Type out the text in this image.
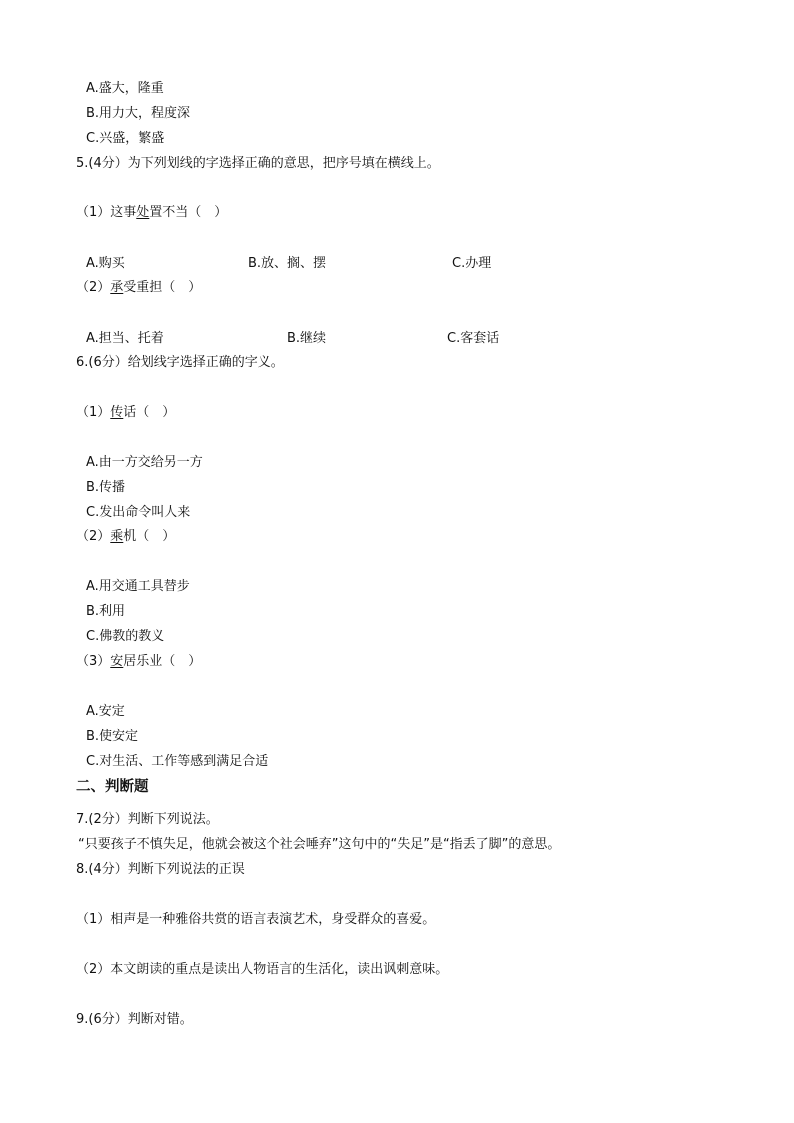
A.盛大，隆重
B.用力大，程度深
C.兴盛，繁盛
5.(4分）为下列划线的字选择正确的意思，把序号填在横线上。
（1）这事处置不当（　）
A.购买	B.放、搁、摆	C.办理
（2）承受重担（　）
A.担当、托着	B.继续	C.客套话
6.(6分）给划线字选择正确的字义。
（1）传话（　）
A.由一方交给另一方
B.传播
C.发出命令叫人来
（2）乘机（　）
A.用交通工具替步
B.利用
C.佛教的教义
（3）安居乐业（　）
A.安定
B.使安定
C.对生活、工作等感到满足合适
二、判断题
7.(2分）判断下列说法。
“只要孩子不慎失足，他就会被这个社会唾弃”这句中的“失足”是“指丢了脚”的意思。
8.(4分）判断下列说法的正误
（1）相声是一种雅俗共赏的语言表演艺术，身受群众的喜爱。
（2）本文朗读的重点是读出人物语言的生活化，读出讽刺意味。
9.(6分）判断对错。
